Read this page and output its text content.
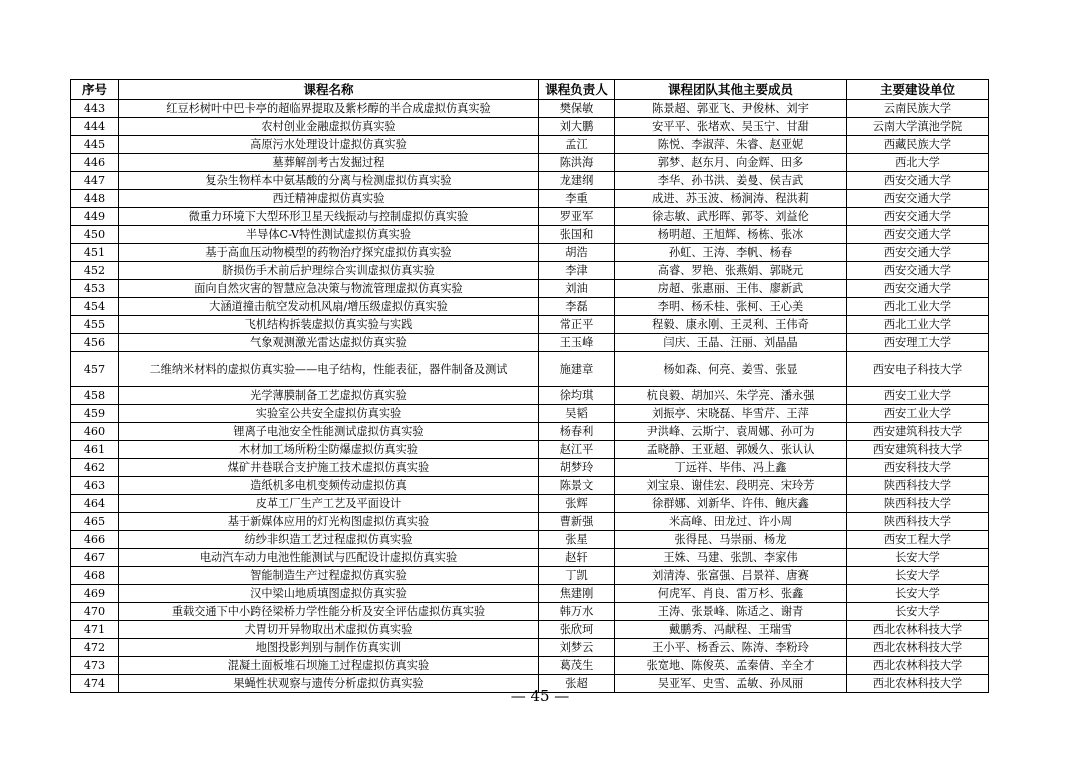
序号	课程名称	课程负责人	课程团队其他主要成员	主要建设单位
443	红豆杉树叶中巴卡亭的超临界提取及紫杉醇的半合成虚拟仿真实验	樊保敏	陈景超、郭亚飞、尹俊林、刘宇	云南民族大学
444	农村创业金融虚拟仿真实验	刘大鹏	安平平、张堵欢、吴玉宁、甘甜	云南大学滇池学院
445	高原污水处理设计虚拟仿真实验	孟江	陈悦、李淑萍、朱睿、赵亚妮	西藏民族大学
446	墓葬解剖考古发掘过程	陈洪海	郭梦、赵东月、向金辉、田多	西北大学
447	复杂生物样本中氨基酸的分离与检测虚拟仿真实验	龙建纲	李华、孙书洪、姜曼、侯吉武	西安交通大学
448	西迁精神虚拟仿真实验	李重	成进、苏玉波、杨涧涛、程洪莉	西安交通大学
449	微重力环境下大型环形卫星天线振动与控制虚拟仿真实验	罗亚军	徐志敏、武彤晖、郭苓、刘益伦	西安交通大学
450	半导体C-V特性测试虚拟仿真实验	张国和	杨明超、王旭辉、杨栋、张冰	西安交通大学
451	基于高血压动物模型的药物治疗探究虚拟仿真实验	胡浩	孙虹、王涛、李帆、杨春	西安交通大学
452	脐损伤手术前后护理综合实训虚拟仿真实验	李津	高睿、罗艳、张燕娟、郭晓元	西安交通大学
453	面向自然灾害的智慧应急决策与物流管理虚拟仿真实验	刘油	房超、张惠丽、王伟、廖新武	西安交通大学
454	大涵道撞击航空发动机风扇/增压级虚拟仿真实验	李磊	李明、杨禾桂、张柯、王心美	西北工业大学
455	飞机结构拆装虚拟仿真实验与实践	常正平	程毅、康永刚、王灵利、王伟奇	西北工业大学
456	气象观测激光雷达虚拟仿真实验	王玉峰	闫庆、王晶、汪丽、刘晶晶	西安理工大学
457	二维纳米材料的虚拟仿真实验——电子结构，性能表征，器件制备及测试	施建章	杨如森、何亮、姜雪、张显	西安电子科技大学
458	光学薄膜制备工艺虚拟仿真实验	徐均琪	杭良毅、胡加兴、朱学亮、潘永强	西安工业大学
459	实验室公共安全虚拟仿真实验	吴韬	刘振亭、宋晓磊、毕雪芹、王萍	西安工业大学
460	锂离子电池安全性能测试虚拟仿真实验	杨春利	尹洪峰、云斯宁、袁周娜、孙可为	西安建筑科技大学
461	木材加工场所粉尘防爆虚拟仿真实验	赵江平	孟晓静、王亚超、郭媛久、张认认	西安建筑科技大学
462	煤矿井巷联合支护施工技术虚拟仿真实验	胡梦玲	丁远祥、毕伟、冯上鑫	西安科技大学
463	造纸机多电机变频传动虚拟仿真	陈景文	刘宝泉、谢佳宏、段明亮、宋玲芳	陕西科技大学
464	皮革工厂生产工艺及平面设计	张辉	徐群娜、刘新华、许伟、鲍庆鑫	陕西科技大学
465	基于新媒体应用的灯光构图虚拟仿真实验	曹新强	米高峰、田龙过、许小周	陕西科技大学
466	纺纱非织造工艺过程虚拟仿真实验	张星	张得昆、马崇丽、杨龙	西安工程大学
467	电动汽车动力电池性能测试与匹配设计虚拟仿真实验	赵轩	王姝、马建、张凯、李家伟	长安大学
468	智能制造生产过程虚拟仿真实验	丁凯	刘清涛、张富强、吕景祥、唐赛	长安大学
469	汉中梁山地质填图虚拟仿真实验	焦建刚	何虎军、肖良、雷万杉、张鑫	长安大学
470	重载交通下中小跨径梁桥力学性能分析及安全评估虚拟仿真实验	韩万水	王涛、张景峰、陈适之、谢青	长安大学
471	犬胃切开异物取出术虚拟仿真实验	张欣珂	戴鹏秀、冯献程、王瑞雪	西北农林科技大学
472	地图投影判别与制作仿真实训	刘梦云	王小平、杨香云、陈涛、李粉玲	西北农林科技大学
473	混凝土面板堆石坝施工过程虚拟仿真实验	葛茂生	张宽地、陈俊英、孟秦倩、辛全才	西北农林科技大学
474	果蝇性状观察与遗传分析虚拟仿真实验	张超	吴亚军、史雪、孟敏、孙凤丽	西北农林科技大学
— 45 —
